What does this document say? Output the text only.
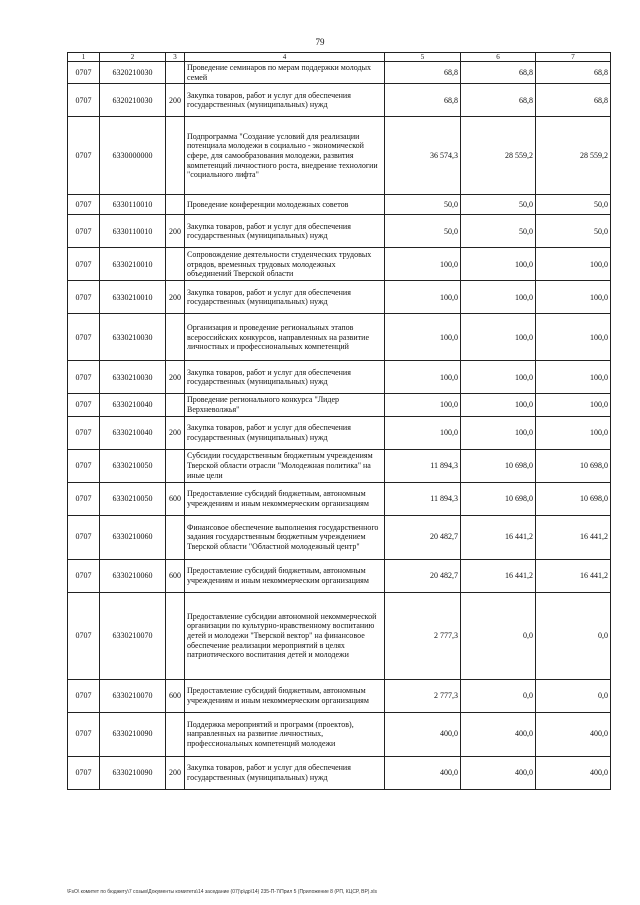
79
1	2	3	4	5	6	7
0707	6320210030		Проведение семинаров по мерам поддержки молодых семей	68,8	68,8	68,8
0707	6320210030	200	Закупка товаров, работ и услуг для обеспечения государственных (муниципальных) нужд	68,8	68,8	68,8
0707	6330000000		Подпрограмма "Создание условий для реализации потенциала молодежи в социально - экономической сфере, для самообразования молодежи, развития компетенций личностного роста, внедрение технологии "социального лифта"	36 574,3	28 559,2	28 559,2
0707	6330110010		Проведение конференции молодежных советов	50,0	50,0	50,0
0707	6330110010	200	Закупка товаров, работ и услуг для обеспечения государственных (муниципальных) нужд	50,0	50,0	50,0
0707	6330210010		Сопровождение деятельности студенческих трудовых отрядов, временных трудовых молодежных объединений Тверской области	100,0	100,0	100,0
0707	6330210010	200	Закупка товаров, работ и услуг для обеспечения государственных (муниципальных) нужд	100,0	100,0	100,0
0707	6330210030		Организация и проведение региональных этапов всероссийских конкурсов, направленных на развитие личностных и профессиональных компетенций	100,0	100,0	100,0
0707	6330210030	200	Закупка товаров, работ и услуг для обеспечения государственных (муниципальных) нужд	100,0	100,0	100,0
0707	6330210040		Проведение регионального конкурса "Лидер Верхневолжья"	100,0	100,0	100,0
0707	6330210040	200	Закупка товаров, работ и услуг для обеспечения государственных (муниципальных) нужд	100,0	100,0	100,0
0707	6330210050		Субсидии государственным бюджетным учреждениям Тверской области отрасли "Молодежная политика" на иные цели	11 894,3	10 698,0	10 698,0
0707	6330210050	600	Предоставление субсидий бюджетным, автономным учреждениям и иным некоммерческим организациям	11 894,3	10 698,0	10 698,0
0707	6330210060		Финансовое обеспечение выполнения государственного задания государственным бюджетным учреждением Тверской области "Областной молодежный центр"	20 482,7	16 441,2	16 441,2
0707	6330210060	600	Предоставление субсидий бюджетным, автономным учреждениям и иным некоммерческим организациям	20 482,7	16 441,2	16 441,2
0707	6330210070		Предоставление субсидии автономной некоммерческой организации по культурно-нравственному воспитанию детей и молодежи "Тверской вектор" на финансовое обеспечение реализации мероприятий в целях патриотического воспитания детей и молодежи	2 777,3	0,0	0,0
0707	6330210070	600	Предоставление субсидий бюджетным, автономным учреждениям и иным некоммерческим организациям	2 777,3	0,0	0,0
0707	6330210090		Поддержка мероприятий и программ (проектов), направленных на развитие личностных, профессиональных компетенций молодежи	400,0	400,0	400,0
0707	6330210090	200	Закупка товаров, работ и услуг для обеспечения государственных (муниципальных) нужд	400,0	400,0	400,0
\FsO\ комитет по бюджету\7 созыв\Документы комитета\14 заседание (07)\р\др\14) 235-П-7\Прил 5 (Приложение 8 (РП, КЦСР, ВР).xls
